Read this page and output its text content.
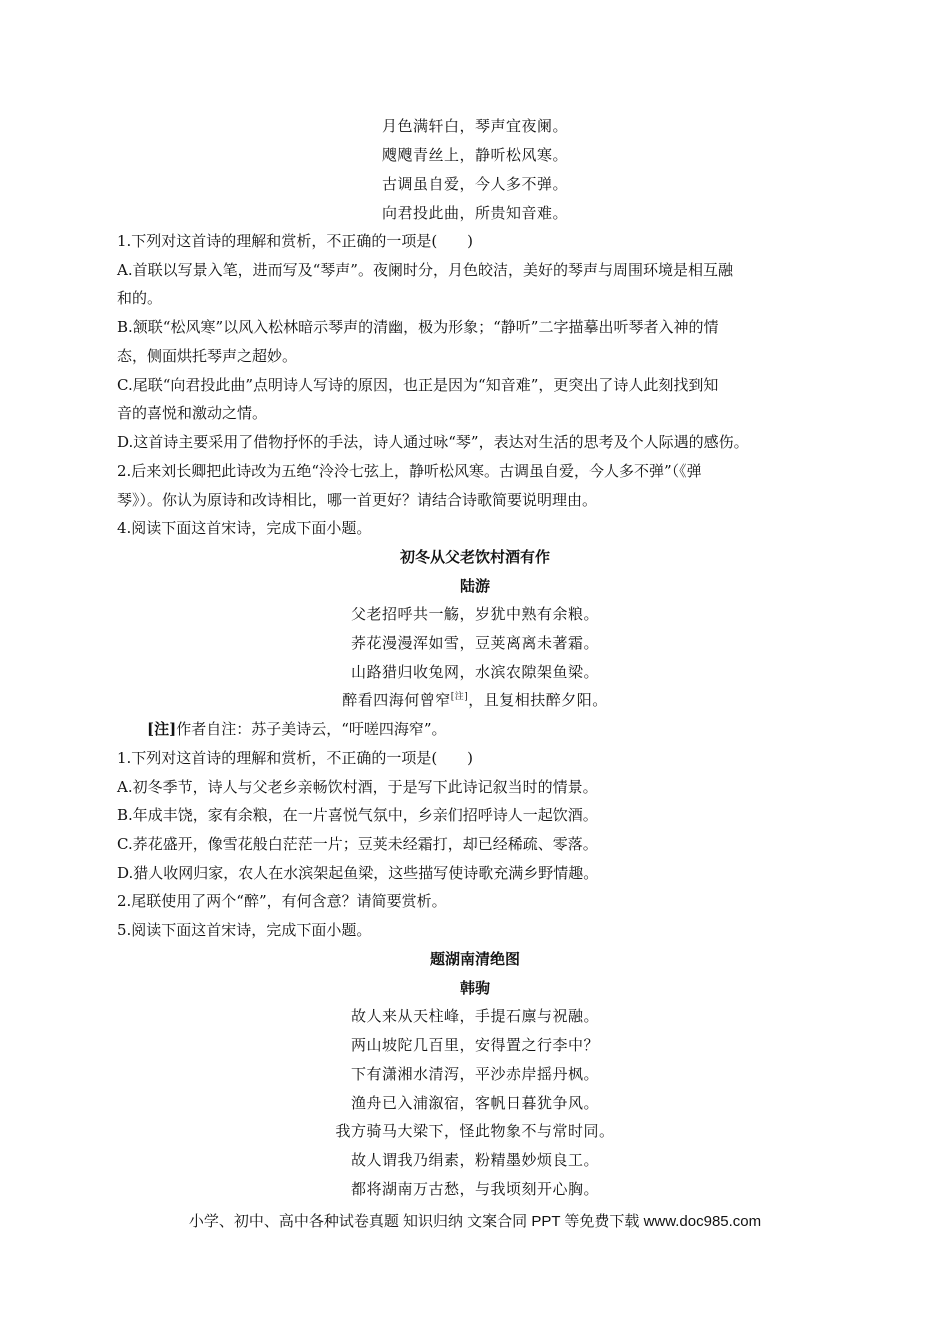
月色满轩白，琴声宜夜阑。
飕飕青丝上，静听松风寒。
古调虽自爱，今人多不弹。
向君投此曲，所贵知音难。
1.下列对这首诗的理解和赏析，不正确的一项是(　　)
A.首联以写景入笔，进而写及“琴声”。夜阑时分，月色皎洁，美好的琴声与周围环境是相互融
和的。
B.颔联“松风寒”以风入松林暗示琴声的清幽，极为形象；“静听”二字描摹出听琴者入神的情
态，侧面烘托琴声之超妙。
C.尾联“向君投此曲”点明诗人写诗的原因，也正是因为“知音难”，更突出了诗人此刻找到知
音的喜悦和激动之情。
D.这首诗主要采用了借物抒怀的手法，诗人通过咏“琴”，表达对生活的思考及个人际遇的感伤。
2.后来刘长卿把此诗改为五绝“泠泠七弦上，静听松风寒。古调虽自爱，今人多不弹”（《弹
琴》）。你认为原诗和改诗相比，哪一首更好？请结合诗歌简要说明理由。
4.阅读下面这首宋诗，完成下面小题。
初冬从父老饮村酒有作
陆游
父老招呼共一觞，岁犹中熟有余粮。
荞花漫漫浑如雪，豆荚离离未著霜。
山路猎归收兔网，水滨农隙架鱼梁。
醉看四海何曾窄[注]，且复相扶醉夕阳。
[注]作者自注：苏子美诗云，“吁嗟四海窄”。
1.下列对这首诗的理解和赏析，不正确的一项是(　　)
A.初冬季节，诗人与父老乡亲畅饮村酒，于是写下此诗记叙当时的情景。
B.年成丰饶，家有余粮，在一片喜悦气氛中，乡亲们招呼诗人一起饮酒。
C.荞花盛开，像雪花般白茫茫一片；豆荚未经霜打，却已经稀疏、零落。
D.猎人收网归家，农人在水滨架起鱼梁，这些描写使诗歌充满乡野情趣。
2.尾联使用了两个“醉”，有何含意？请简要赏析。
5.阅读下面这首宋诗，完成下面小题。
题湖南清绝图
韩驹
故人来从天柱峰，手提石廪与祝融。
两山坡陀几百里，安得置之行李中？
下有潇湘水清泻，平沙赤岸摇丹枫。
渔舟已入浦溆宿，客帆日暮犹争风。
我方骑马大梁下，怪此物象不与常时同。
故人谓我乃绢素，粉精墨妙烦良工。
都将湖南万古愁，与我顷刻开心胸。
小学、初中、高中各种试卷真题 知识归纳 文案合同 PPT 等免费下载 www.doc985.com
